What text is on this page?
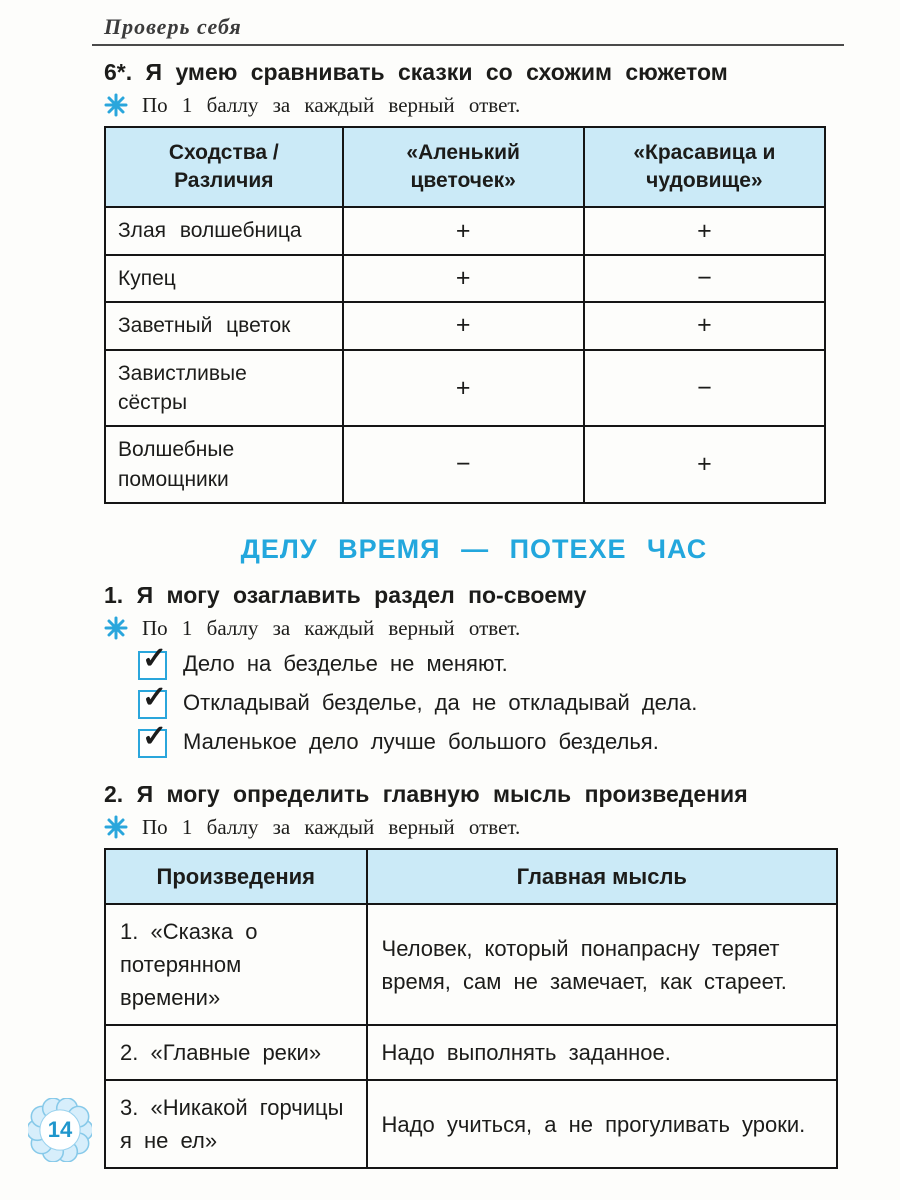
Проверь себя
6*. Я умею сравнивать сказки со схожим сюжетом
По 1 баллу за каждый верный ответ.
Сходства / Различия	«Аленький цветочек»	«Красавица и чудовище»
Злая волшебница	+	+
Купец	+	−
Заветный цветок	+	+
Завистливые сёстры	+	−
Волшебные помощники	−	+
ДЕЛУ ВРЕМЯ — ПОТЕХЕ ЧАС
1. Я могу озаглавить раздел по-своему
По 1 баллу за каждый верный ответ.
✓ Дело на безделье не меняют.
✓ Откладывай безделье, да не откладывай дела.
✓ Маленькое дело лучше большого безделья.
2. Я могу определить главную мысль произведения
По 1 баллу за каждый верный ответ.
Произведения	Главная мысль
1. «Сказка о потерянном времени»	Человек, который понапрасну теряет время, сам не замечает, как стареет.
2. «Главные реки»	Надо выполнять заданное.
3. «Никакой горчицы я не ел»	Надо учиться, а не прогуливать уроки.
14
